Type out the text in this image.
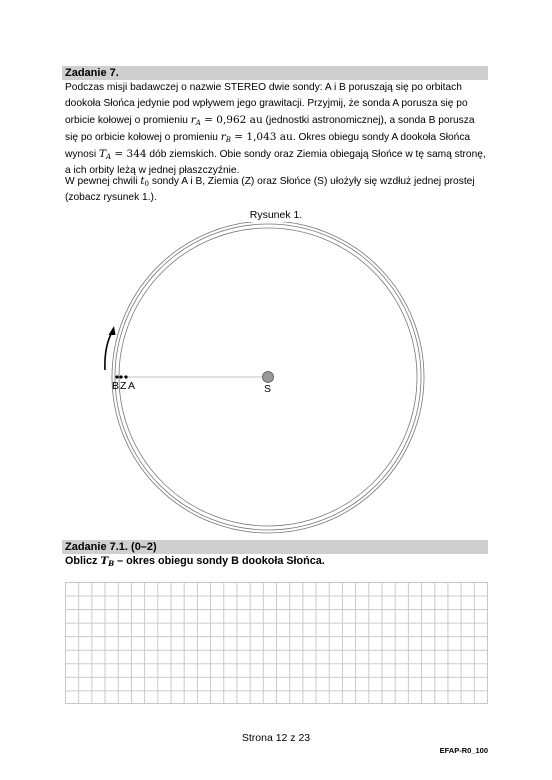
Zadanie 7.
Podczas misji badawczej o nazwie STEREO dwie sondy: A i B poruszają się po orbitach dookoła Słońca jedynie pod wpływem jego grawitacji. Przyjmij, że sonda A porusza się po orbicie kołowej o promieniu $r_A = 0,962$ au (jednostki astronomicznej), a sonda B porusza się po orbicie kołowej o promieniu $r_B = 1,043$ au. Okres obiegu sondy A dookoła Słońca wynosi $T_A = 344$ dób ziemskich. Obie sondy oraz Ziemia obiegają Słońce w tę samą stronę, a ich orbity leżą w jednej płaszczyźnie.
W pewnej chwili $t_0$ sondy A i B, Ziemia (Z) oraz Słońce (S) ułożyły się wzdłuż jednej prostej (zobacz rysunek 1.).
Rysunek 1.
B Z A	S
Zadanie 7.1. (0–2)
Oblicz $T_B$ – okres obiegu sondy B dookoła Słońca.
Strona 12 z 23
EFAP-R0_100
